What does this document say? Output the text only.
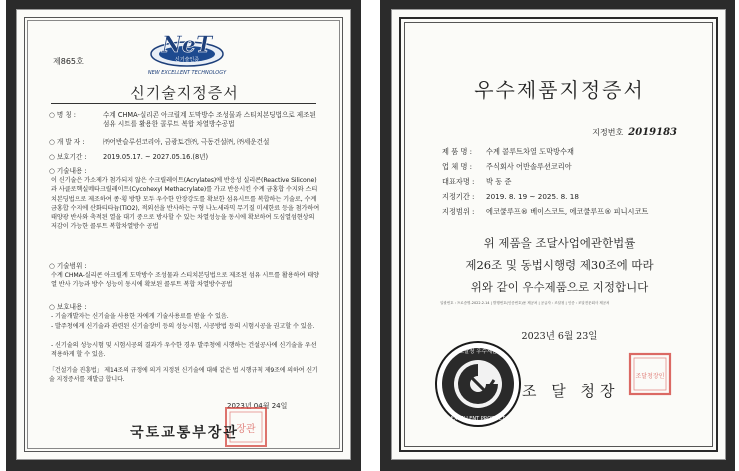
NeT
신기술인증
NEW EXCELLENT TECHNOLOGY
제865호
신기술지정증서
○ 명 칭 :	수계 CHMA-실리콘 아크릴계 도막방수 조성물과 스티치본딩법으로 제조된 섬유 시트를 활용한 콜루트 복합 차열방수공법
○ 개 발 자 :	㈜어반슬루션코리아, 금광토건㈜, 극동건설㈜, ㈜세운건설
○ 보호기간 : 2019.05.17. ~ 2027.05.16.(8년)
○ 기술내용 :
이 신기술은 가소제가 첨가되지 않은 수크릴레이트(Acrylates)에 반응성 실리콘(Reactive Silicone)과 사클로헥실메타크릴레이트(Cycohexyl Methacrylate)를 가교 반응시킨 수계 금홍합 수지와 스티치본딩법으로 제조하여 종·횡 방향 모두 우수한 안장강도를 확보한 섬유시트를 복합하는 기술로, 수계 금홍합 수지에 산화티타늄(TiO2), 적외선을 반사하는 구형 나노세라믹 무기질 미세한료 등을 첨가하여 태양광 반사와 축적된 열을 대기 중으로 방사할 수 있는 차열성능을 동시에 확보하여 도심열섬현상의 저감이 가능한 콜루트 복합차열방수 공법
○ 기술범위 :
수계 CHMA-실리콘 아크릴계 도막방수 조성물과 스티치본딩법으로 제조된 섬유 시트를 활용하여 태양열 반사 기능과 방수 성능이 동시에 확보된 콜루트 복합 차열방수공법
○ 보호내용 :
- 기술개발자는 신기술을 사용한 자에게 기술사용료를 받을 수 있음.
- 발주청에게 신기술과 관련된 신기술장비 등의 성능시험, 시공방법 등의 시험시공을 권고할 수 있음.
- 신기술의 성능시험 및 시험시공의 결과가 우수한 경우 발주청에 시행하는 건설공사에 신기술을 우선 적용하게 할 수 있음.
「건설기술 진흥법」 제14조의 규정에 의거 지정된 신기술에 대해 같은 법 시행규칙 제9조에 의하여 신기술 지정증서를 재발급 합니다.
2023년 04월 24일
장관
국토교통부장관
우수제품지정증서
지정번호 2019183
제 품 명 : 수계 콜루트차열 도막방수재
업 체 명 : 주식회사 어반솔루션코리아
대표자명 : 박 동 준
지정기간 : 2019. 8. 19 ~ 2025. 8. 18
지정범위 : 에코쿨루프® 베이스코트, 에코쿨루프® 피니시코트
위 제품을 조달사업에관한법률
제26조 및 동법시행령 제30조에 따라
위와 같이 우수제품으로 지정합니다
일괄번호 : 프로증명-2022.2.14 | 발행번호(인증번호)용 제공처 | 공급자 : 조달청 | 인증 : 조달전문회사 제공처
2023년 6월 23일
조달청 우수제품
EXCELLENT PRODUCT
조 달 청장
조달청장인
